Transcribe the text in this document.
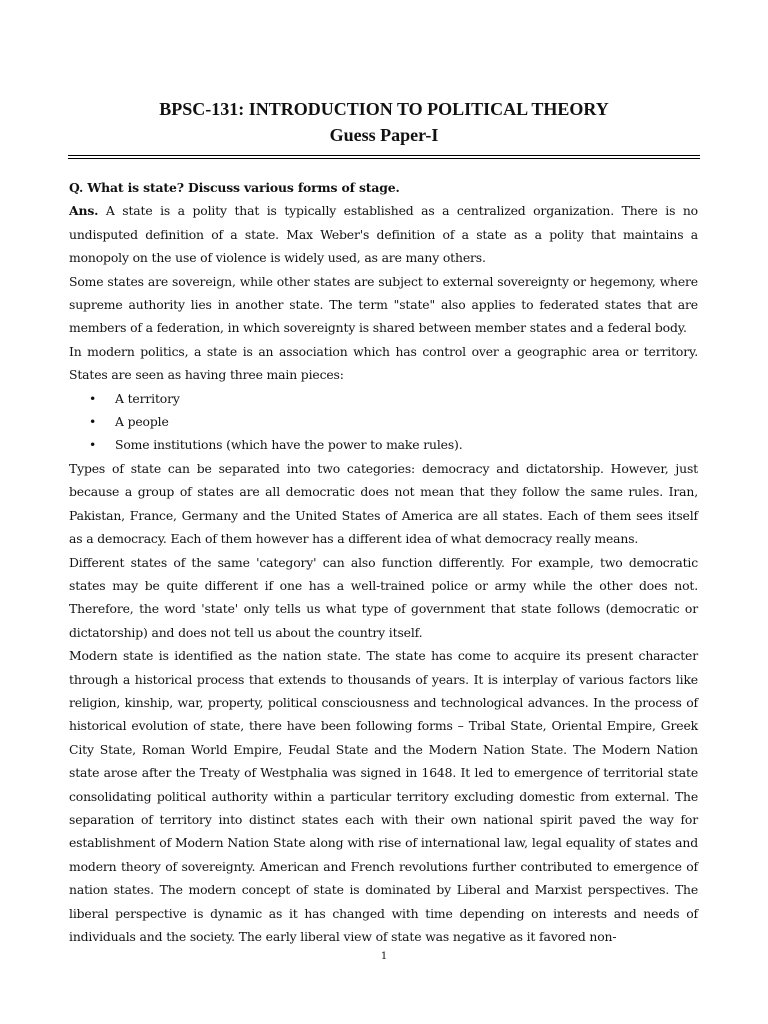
BPSC-131: INTRODUCTION TO POLITICAL THEORY
Guess Paper-I

Q. What is state? Discuss various forms of stage.

Ans. A state is a polity that is typically established as a centralized organization. There is no undisputed definition of a state. Max Weber's definition of a state as a polity that maintains a monopoly on the use of violence is widely used, as are many others.

Some states are sovereign, while other states are subject to external sovereignty or hegemony, where supreme authority lies in another state. The term "state" also applies to federated states that are members of a federation, in which sovereignty is shared between member states and a federal body.

In modern politics, a state is an association which has control over a geographic area or territory. States are seen as having three main pieces:

• A territory
• A people
• Some institutions (which have the power to make rules).

Types of state can be separated into two categories: democracy and dictatorship. However, just because a group of states are all democratic does not mean that they follow the same rules. Iran, Pakistan, France, Germany and the United States of America are all states. Each of them sees itself as a democracy. Each of them however has a different idea of what democracy really means.

Different states of the same 'category' can also function differently. For example, two democratic states may be quite different if one has a well-trained police or army while the other does not. Therefore, the word 'state' only tells us what type of government that state follows (democratic or dictatorship) and does not tell us about the country itself.

Modern state is identified as the nation state. The state has come to acquire its present character through a historical process that extends to thousands of years. It is interplay of various factors like religion, kinship, war, property, political consciousness and technological advances. In the process of historical evolution of state, there have been following forms – Tribal State, Oriental Empire, Greek City State, Roman World Empire, Feudal State and the Modern Nation State. The Modern Nation state arose after the Treaty of Westphalia was signed in 1648. It led to emergence of territorial state consolidating political authority within a particular territory excluding domestic from external. The separation of territory into distinct states each with their own national spirit paved the way for establishment of Modern Nation State along with rise of international law, legal equality of states and modern theory of sovereignty. American and French revolutions further contributed to emergence of nation states. The modern concept of state is dominated by Liberal and Marxist perspectives. The liberal perspective is dynamic as it has changed with time depending on interests and needs of individuals and the society. The early liberal view of state was negative as it favored non-

1
